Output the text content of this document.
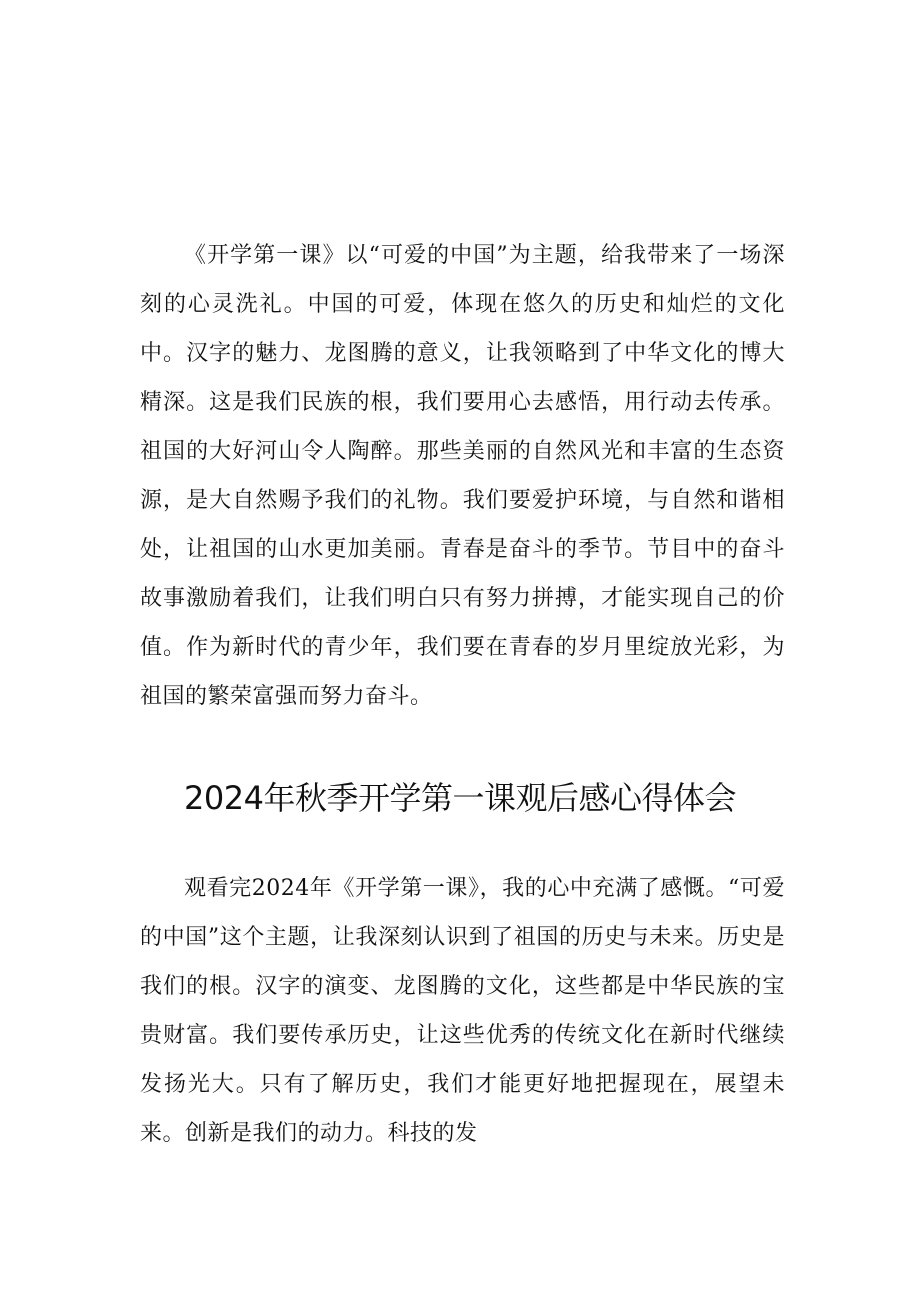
《开学第一课》以“可爱的中国”为主题，给我带来了一场深刻的心灵洗礼。中国的可爱，体现在悠久的历史和灿烂的文化中。汉字的魅力、龙图腾的意义，让我领略到了中华文化的博大精深。这是我们民族的根，我们要用心去感悟，用行动去传承。祖国的大好河山令人陶醉。那些美丽的自然风光和丰富的生态资源，是大自然赐予我们的礼物。我们要爱护环境，与自然和谐相处，让祖国的山水更加美丽。青春是奋斗的季节。节目中的奋斗故事激励着我们，让我们明白只有努力拼搏，才能实现自己的价值。作为新时代的青少年，我们要在青春的岁月里绽放光彩，为祖国的繁荣富强而努力奋斗。

2024年秋季开学第一课观后感心得体会

观看完2024年《开学第一课》，我的心中充满了感慨。“可爱的中国”这个主题，让我深刻认识到了祖国的历史与未来。历史是我们的根。汉字的演变、龙图腾的文化，这些都是中华民族的宝贵财富。我们要传承历史，让这些优秀的传统文化在新时代继续发扬光大。只有了解历史，我们才能更好地把握现在，展望未来。创新是我们的动力。科技的发
